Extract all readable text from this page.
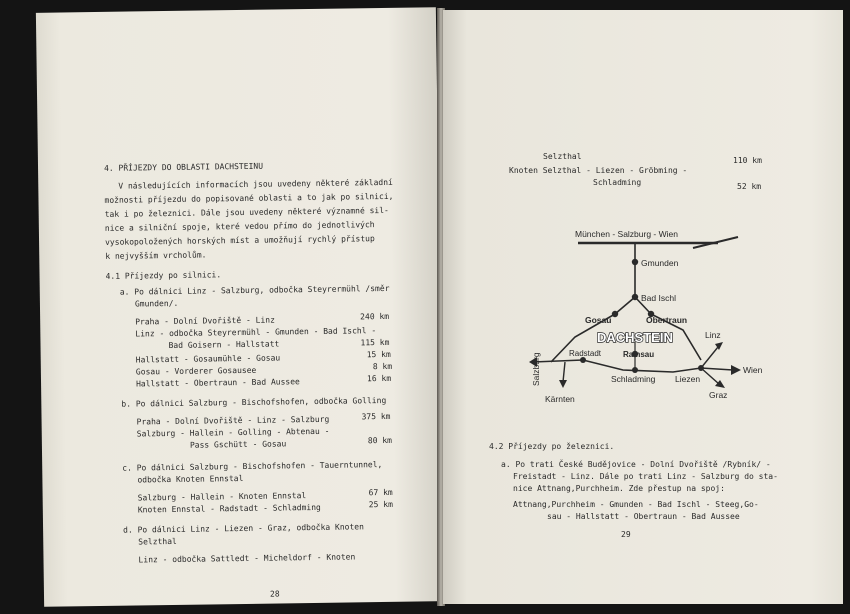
4. PŘÍJEZDY DO OBLASTI DACHSTEINU
V následujících informacích jsou uvedeny některé základní
možnosti příjezdu do popisované oblasti a to jak po silnici,
tak i po železnici. Dále jsou uvedeny některé významné sil-
nice a silniční spoje, které vedou přímo do jednotlivých
vysokopoložených horských míst a umožňují rychlý přístup
k nejvyšším vrcholům.
4.1 Příjezdy po silnici.
a. Po dálnici Linz - Salzburg, odbočka Steyrermühl /směr
Gmunden/.
Praha - Dolní Dvořiště - Linz	240 km
Linz - odbočka Steyrermühl - Gmunden - Bad Ischl -
Bad Goisern - Hallstatt	115 km
Hallstatt - Gosaumühle - Gosau	15 km
Gosau - Vorderer Gosausee	8 km
Hallstatt - Obertraun - Bad Aussee	16 km
b. Po dálnici Salzburg - Bischofshofen, odbočka Golling
Praha - Dolní Dvořiště - Linz - Salzburg	375 km
Salzburg - Hallein - Golling - Abtenau -
Pass Gschütt - Gosau	80 km
c. Po dálnici Salzburg - Bischofshofen - Tauerntunnel,
odbočka Knoten Ennstal
Salzburg - Hallein - Knoten Ennstal	67 km
Knoten Ennstal - Radstadt - Schladming	25 km
d. Po dálnici Linz - Liezen - Graz, odbočka Knoten
Selzthal
Linz - odbočka Sattledt - Micheldorf - Knoten
28
Selzthal	110 km
Knoten Selzthal - Liezen - Gröbming -
Schladming	52 km
München - Salzburg - Wien
Gmunden
Bad Ischl
Gosau	Obertraun
DACHSTEIN
Ramsau
Linz
Radstadt
Schladming Liezen
Wien
Graz
Kärnten
Salzburg
4.2 Příjezdy po železnici.
a. Po trati České Budějovice - Dolní Dvořiště /Rybník/ -
Freistadt - Linz. Dále po trati Linz - Salzburg do sta-
nice Attnang,Purchheim. Zde přestup na spoj:
Attnang,Purchheim - Gmunden - Bad Ischl - Steeg,Go-
sau - Hallstatt - Obertraun - Bad Aussee
29
